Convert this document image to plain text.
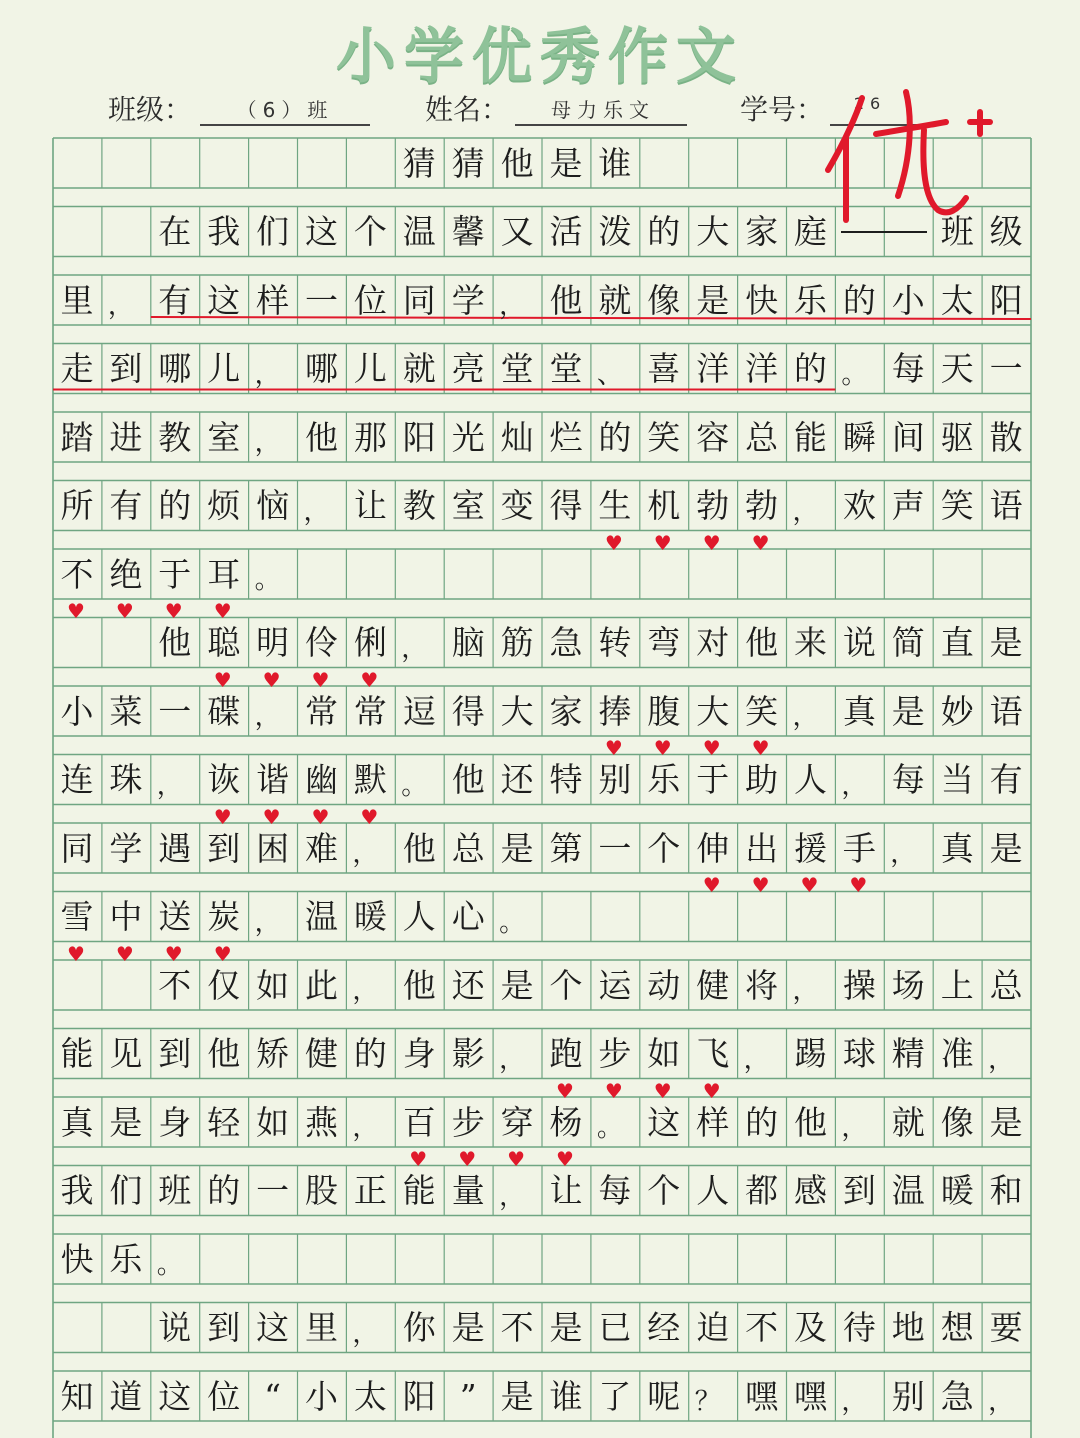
小学优秀作文
班级：	（6）班	姓名：	母力乐文	学号：	26
猜 猜 他 是 谁
在 我 们 这 个 温 馨 又 活 泼 的 大 家 庭	班 级
里 ， 有 这 样 一 位 同 学 ， 他 就 像 是 快 乐 的 小 太 阳
走 到 哪 儿 ， 哪 儿 就 亮 堂 堂 、 喜 洋 洋 的 。 每 天 一
踏 进 教 室 ， 他 那 阳 光 灿 烂 的 笑 容 总 能 瞬 间 驱 散
所 有 的 烦 恼 ， 让 教 室 变 得 生 机 勃 勃 ， 欢 声 笑 语
不 绝 于 耳 。
他 聪 明 伶 俐 ， 脑 筋 急 转 弯 对 他 来 说 简 直 是
小 菜 一 碟 ， 常 常 逗 得 大 家 捧 腹 大 笑 ， 真 是 妙 语
连 珠 ， 诙 谐 幽 默 。 他 还 特 别 乐 于 助 人 ， 每 当 有
同 学 遇 到 困 难 ， 他 总 是 第 一 个 伸 出 援 手 ， 真 是
雪 中 送 炭 ， 温 暖 人 心 。
不 仅 如 此 ， 他 还 是 个 运 动 健 将 ， 操 场 上 总
能 见 到 他 矫 健 的 身 影 ， 跑 步 如 飞 ， 踢 球 精 准 ，
真 是 身 轻 如 燕 ， 百 步 穿 杨 。 这 样 的 他 ， 就 像 是
我 们 班 的 一 股 正 能 量 ， 让 每 个 人 都 感 到 温 暖 和
快 乐 。
说 到 这 里 ， 你 是 不 是 已 经 迫 不 及 待 地 想 要
知 道 这 位 “ 小 太 阳 ” 是 谁 了 呢 ？ 嘿 嘿 ， 别 急 ，
♥ ♥ ♥ ♥
♥ ♥ ♥ ♥
♥ ♥ ♥ ♥
♥ ♥ ♥ ♥
♥ ♥ ♥ ♥
♥ ♥ ♥ ♥
♥ ♥ ♥ ♥
♥ ♥ ♥ ♥
♥ ♥ ♥ ♥
